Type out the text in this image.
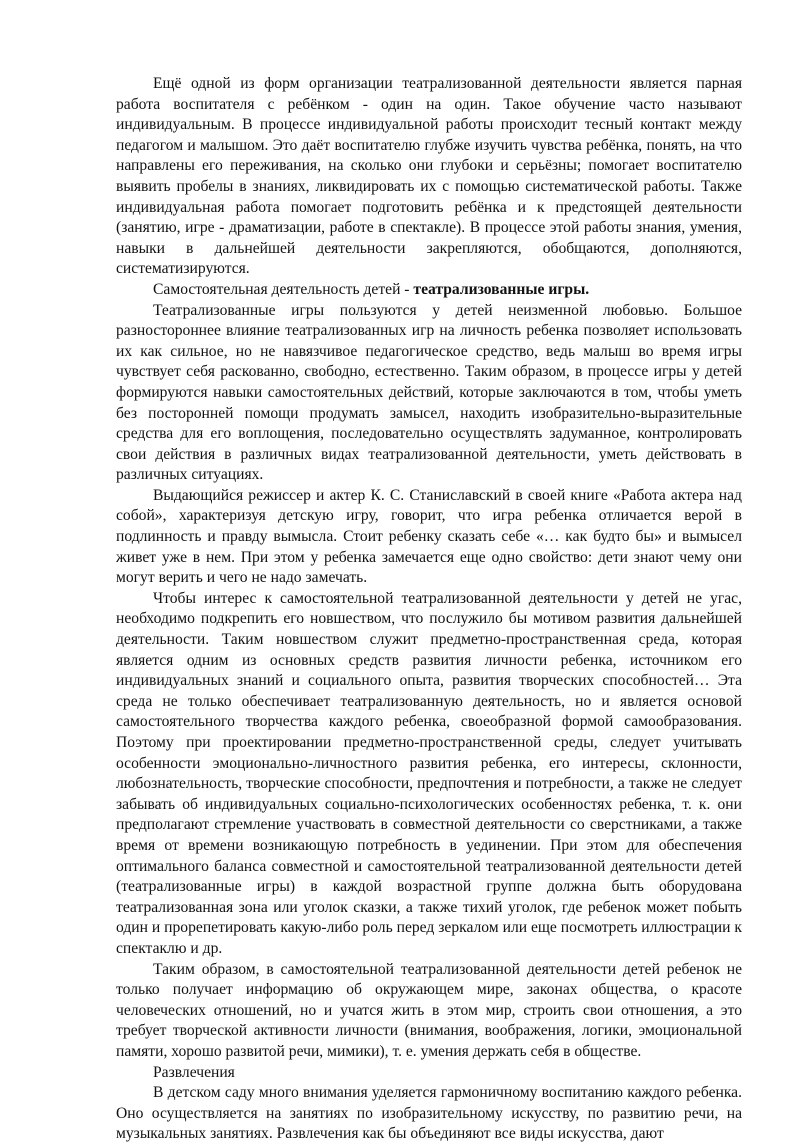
Ещё одной из форм организации театрализованной деятельности является парная работа воспитателя с ребёнком - один на один. Такое обучение часто называют индивидуальным. В процессе индивидуальной работы происходит тесный контакт между педагогом и малышом. Это даёт воспитателю глубже изучить чувства ребёнка, понять, на что направлены его переживания, на сколько они глубоки и серьёзны; помогает воспитателю выявить пробелы в знаниях, ликвидировать их с помощью систематической работы. Также индивидуальная работа помогает подготовить ребёнка и к предстоящей деятельности (занятию, игре - драматизации, работе в спектакле). В процессе этой работы знания, умения, навыки в дальнейшей деятельности закрепляются, обобщаются, дополняются, систематизируются.

Самостоятельная деятельность детей - театрализованные игры.

Театрализованные игры пользуются у детей неизменной любовью. Большое разностороннее влияние театрализованных игр на личность ребенка позволяет использовать их как сильное, но не навязчивое педагогическое средство, ведь малыш во время игры чувствует себя раскованно, свободно, естественно. Таким образом, в процессе игры у детей формируются навыки самостоятельных действий, которые заключаются в том, чтобы уметь без посторонней помощи продумать замысел, находить изобразительно-выразительные средства для его воплощения, последовательно осуществлять задуманное, контролировать свои действия в различных видах театрализованной деятельности, уметь действовать в различных ситуациях.

Выдающийся режиссер и актер К. С. Станиславский в своей книге «Работа актера над собой», характеризуя детскую игру, говорит, что игра ребенка отличается верой в подлинность и правду вымысла. Стоит ребенку сказать себе «… как будто бы» и вымысел живет уже в нем. При этом у ребенка замечается еще одно свойство: дети знают чему они могут верить и чего не надо замечать.

Чтобы интерес к самостоятельной театрализованной деятельности у детей не угас, необходимо подкрепить его новшеством, что послужило бы мотивом развития дальнейшей деятельности. Таким новшеством служит предметно-пространственная среда, которая является одним из основных средств развития личности ребенка, источником его индивидуальных знаний и социального опыта, развития творческих способностей… Эта среда не только обеспечивает театрализованную деятельность, но и является основой самостоятельного творчества каждого ребенка, своеобразной формой самообразования. Поэтому при проектировании предметно-пространственной среды, следует учитывать особенности эмоционально-личностного развития ребенка, его интересы, склонности, любознательность, творческие способности, предпочтения и потребности, а также не следует забывать об индивидуальных социально-психологических особенностях ребенка, т. к. они предполагают стремление участвовать в совместной деятельности со сверстниками, а также время от времени возникающую потребность в уединении. При этом для обеспечения оптимального баланса совместной и самостоятельной театрализованной деятельности детей (театрализованные игры) в каждой возрастной группе должна быть оборудована театрализованная зона или уголок сказки, а также тихий уголок, где ребенок может побыть один и прорепетировать какую-либо роль перед зеркалом или еще посмотреть иллюстрации к спектаклю и др.

Таким образом, в самостоятельной театрализованной деятельности детей ребенок не только получает информацию об окружающем мире, законах общества, о красоте человеческих отношений, но и учатся жить в этом мир, строить свои отношения, а это требует творческой активности личности (внимания, воображения, логики, эмоциональной памяти, хорошо развитой речи, мимики), т. е. умения держать себя в обществе.

Развлечения

В детском саду много внимания уделяется гармоничному воспитанию каждого ребенка. Оно осуществляется на занятиях по изобразительному искусству, по развитию речи, на музыкальных занятиях. Развлечения как бы объединяют все виды искусства, дают
